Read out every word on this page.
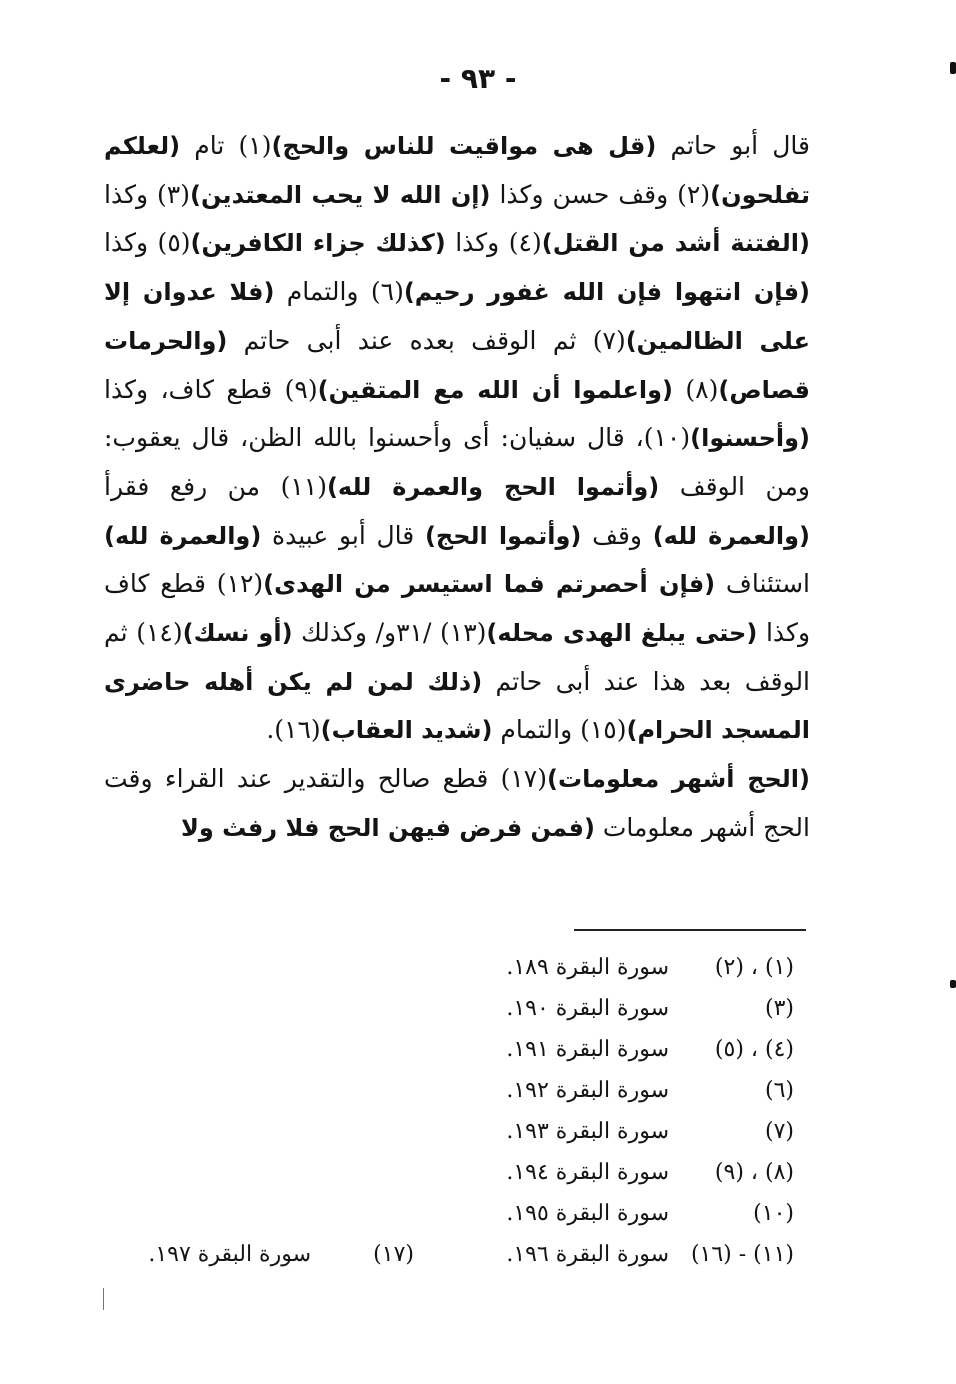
- ٩٣ -

قال أبو حاتم (قل هى مواقيت للناس والحج)(١) تام (لعلكم تفلحون)(٢) وقف حسن وكذا (إن الله لا يحب المعتدين)(٣) وكذا (الفتنة أشد من القتل)(٤) وكذا (كذلك جزاء الكافرين)(٥) وكذا (فإن انتهوا فإن الله غفور رحيم)(٦) والتمام (فلا عدوان إلا على الظالمين)(٧) ثم الوقف بعده عند أبى حاتم (والحرمات قصاص)(٨) (واعلموا أن الله مع المتقين)(٩) قطع كاف، وكذا (وأحسنوا)(١٠)، قال سفيان: أى وأحسنوا بالله الظن، قال يعقوب: ومن الوقف (وأتموا الحج والعمرة لله)(١١) من رفع فقرأ (والعمرة لله) وقف (وأتموا الحج) قال أبو عبيدة (والعمرة لله) استئناف (فإن أحصرتم فما استيسر من الهدى)(١٢) قطع كاف وكذا (حتى يبلغ الهدى محله)(١٣) /٣١و/ وكذلك (أو نسك)(١٤) ثم الوقف بعد هذا عند أبى حاتم (ذلك لمن لم يكن أهله حاضرى المسجد الحرام)(١٥) والتمام (شديد العقاب)(١٦).

(الحج أشهر معلومات)(١٧) قطع صالح والتقدير عند القراء وقت الحج أشهر معلومات (فمن فرض فيهن الحج فلا رفث ولا

(١) ، (٢) سورة البقرة ١٨٩.
(٣) سورة البقرة ١٩٠.
(٤) ، (٥) سورة البقرة ١٩١.
(٦) سورة البقرة ١٩٢.
(٧) سورة البقرة ١٩٣.
(٨) ، (٩) سورة البقرة ١٩٤.
(١٠) سورة البقرة ١٩٥.
(١١) - (١٦) سورة البقرة ١٩٦.
(١٧) سورة البقرة ١٩٧.
